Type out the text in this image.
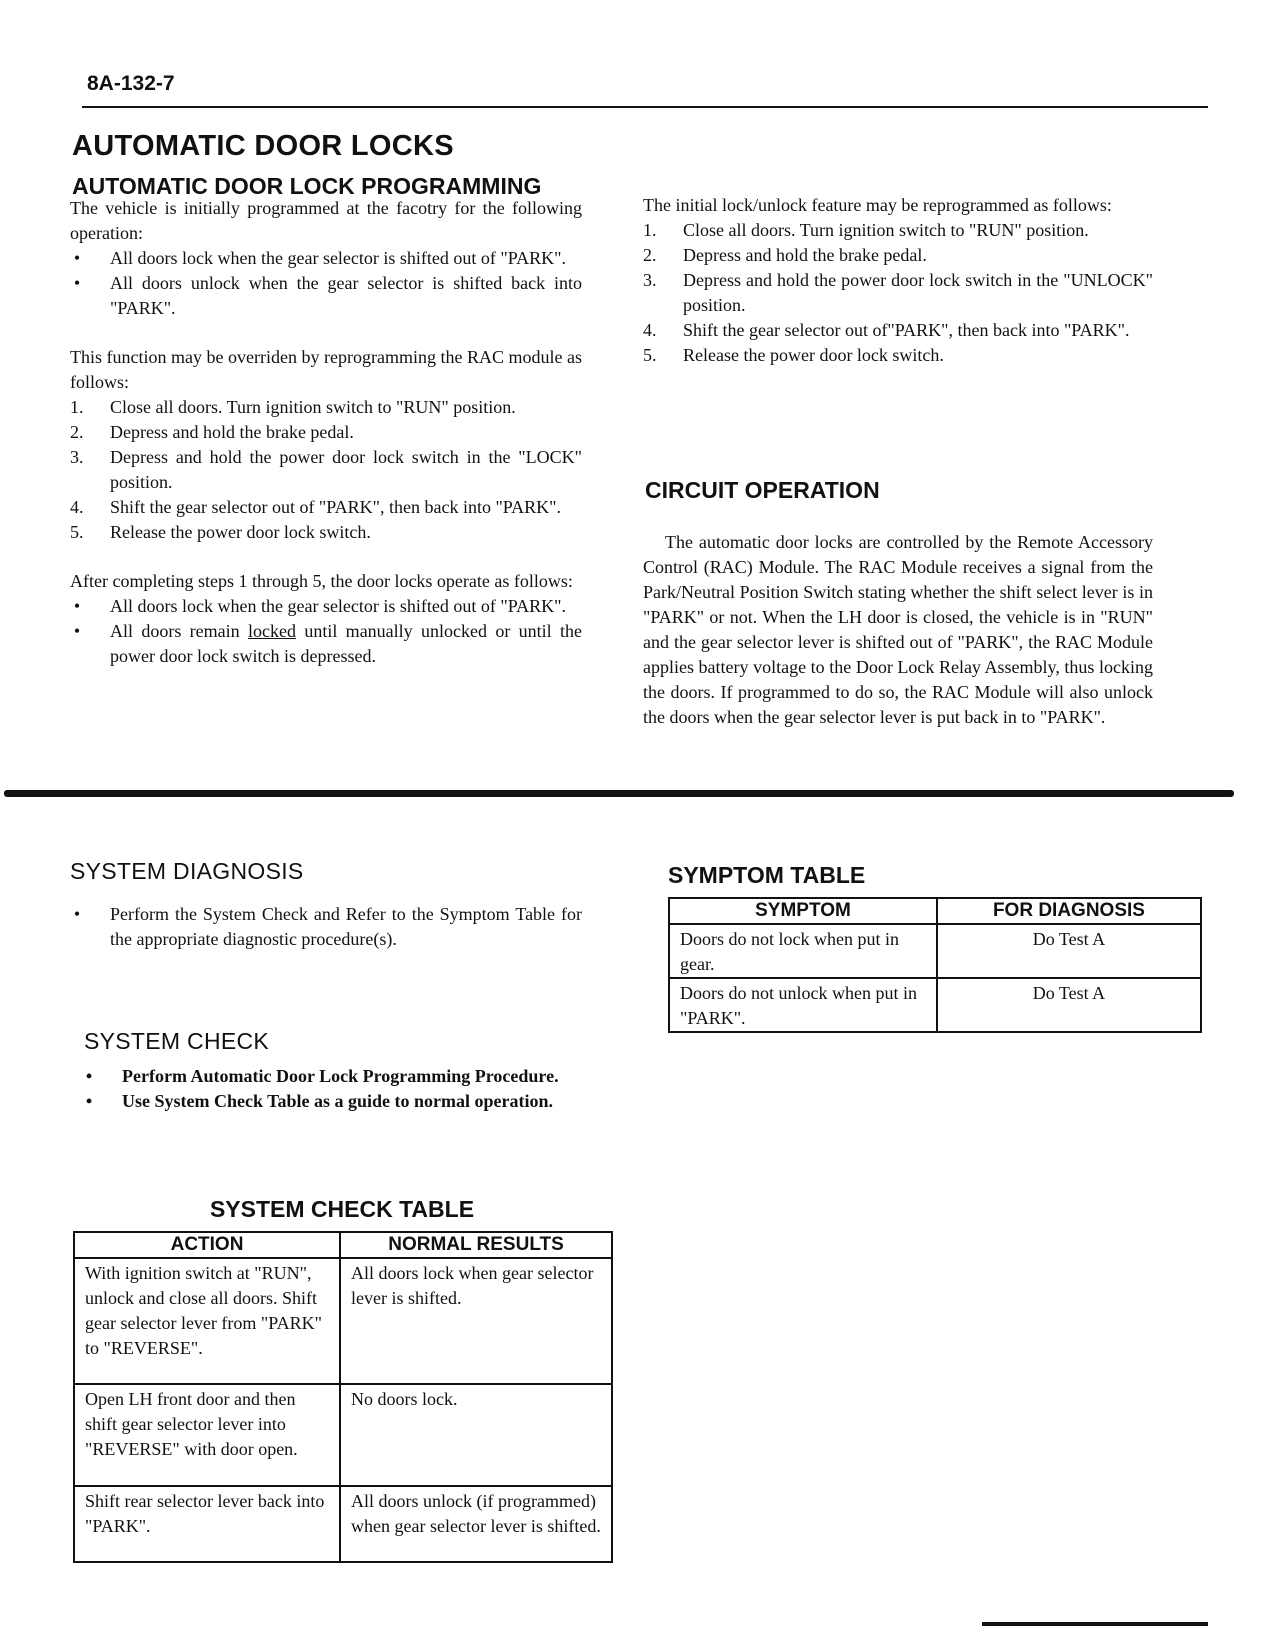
8A-132-7
AUTOMATIC DOOR LOCKS
AUTOMATIC DOOR LOCK PROGRAMMING

The vehicle is initially programmed at the facotry for the following operation:

• All doors lock when the gear selector is shifted out of "PARK".
• All doors unlock when the gear selector is shifted back into "PARK".

This function may be overriden by reprogramming the RAC module as follows:

1. Close all doors. Turn ignition switch to "RUN" position.
2. Depress and hold the brake pedal.
3. Depress and hold the power door lock switch in the "LOCK" position.
4. Shift the gear selector out of "PARK", then back into "PARK".
5. Release the power door lock switch.

After completing steps 1 through 5, the door locks operate as follows:

• All doors lock when the gear selector is shifted out of "PARK".
• All doors remain locked until manually unlocked or until the power door lock switch is depressed.

The initial lock/unlock feature may be reprogrammed as follows:

1. Close all doors. Turn ignition switch to "RUN" position.
2. Depress and hold the brake pedal.
3. Depress and hold the power door lock switch in the "UNLOCK" position.
4. Shift the gear selector out of"PARK", then back into "PARK".
5. Release the power door lock switch.
CIRCUIT OPERATION
The automatic door locks are controlled by the Remote Accessory Control (RAC) Module. The RAC Module receives a signal from the Park/Neutral Position Switch stating whether the shift select lever is in "PARK" or not. When the LH door is closed, the vehicle is in "RUN" and the gear selector lever is shifted out of "PARK", the RAC Module applies battery voltage to the Door Lock Relay Assembly, thus locking the doors. If programmed to do so, the RAC Module will also unlock the doors when the gear selector lever is put back in to "PARK".
SYSTEM DIAGNOSIS
• Perform the System Check and Refer to the Symptom Table for the appropriate diagnostic procedure(s).
SYSTEM CHECK
• Perform Automatic Door Lock Programming Procedure.
• Use System Check Table as a guide to normal operation.
SYSTEM CHECK TABLE
ACTION	NORMAL RESULTS
With ignition switch at "RUN", unlock and close all doors. Shift gear selector lever from "PARK" to "REVERSE".	All doors lock when gear selector lever is shifted.
Open LH front door and then shift gear selector lever into "REVERSE" with door open.	No doors lock.
Shift rear selector lever back into "PARK".	All doors unlock (if programmed) when gear selector lever is shifted.
SYMPTOM TABLE
SYMPTOM	FOR DIAGNOSIS
Doors do not lock when put in gear.	Do Test A
Doors do not unlock when put in "PARK".	Do Test A
